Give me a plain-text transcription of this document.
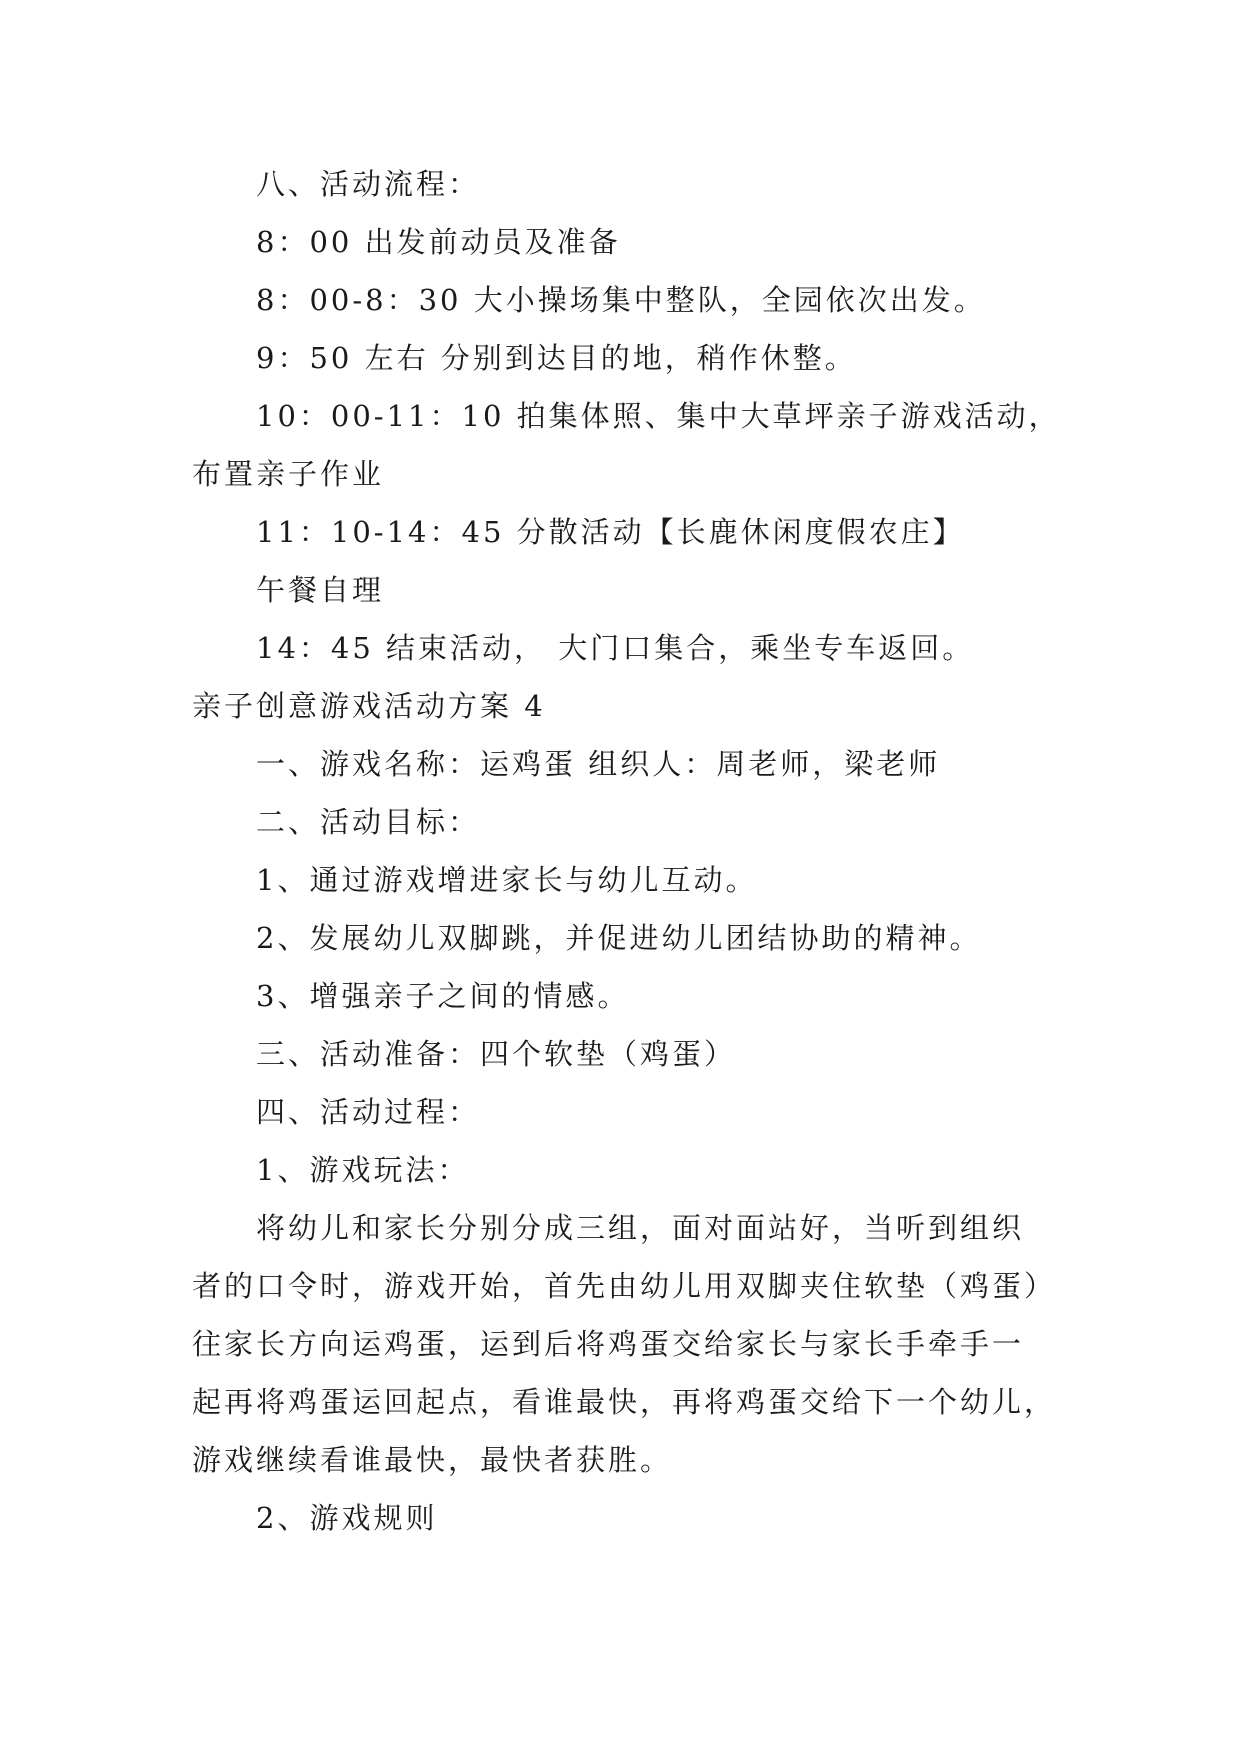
八、活动流程：

8：00 出发前动员及准备

8：00-8：30 大小操场集中整队，全园依次出发。

9：50 左右 分别到达目的地，稍作休整。

10：00-11：10 拍集体照、集中大草坪亲子游戏活动，

布置亲子作业

11：10-14：45 分散活动【长鹿休闲度假农庄】

午餐自理

14：45 结束活动， 大门口集合，乘坐专车返回。

亲子创意游戏活动方案 4

一、游戏名称：运鸡蛋 组织人：周老师，梁老师

二、活动目标：

1、通过游戏增进家长与幼儿互动。

2、发展幼儿双脚跳，并促进幼儿团结协助的精神。

3、增强亲子之间的情感。

三、活动准备：四个软垫（鸡蛋）

四、活动过程：

1、游戏玩法：

将幼儿和家长分别分成三组，面对面站好，当听到组织

者的口令时，游戏开始，首先由幼儿用双脚夹住软垫（鸡蛋）

往家长方向运鸡蛋，运到后将鸡蛋交给家长与家长手牵手一

起再将鸡蛋运回起点，看谁最快，再将鸡蛋交给下一个幼儿，

游戏继续看谁最快，最快者获胜。

2、游戏规则
